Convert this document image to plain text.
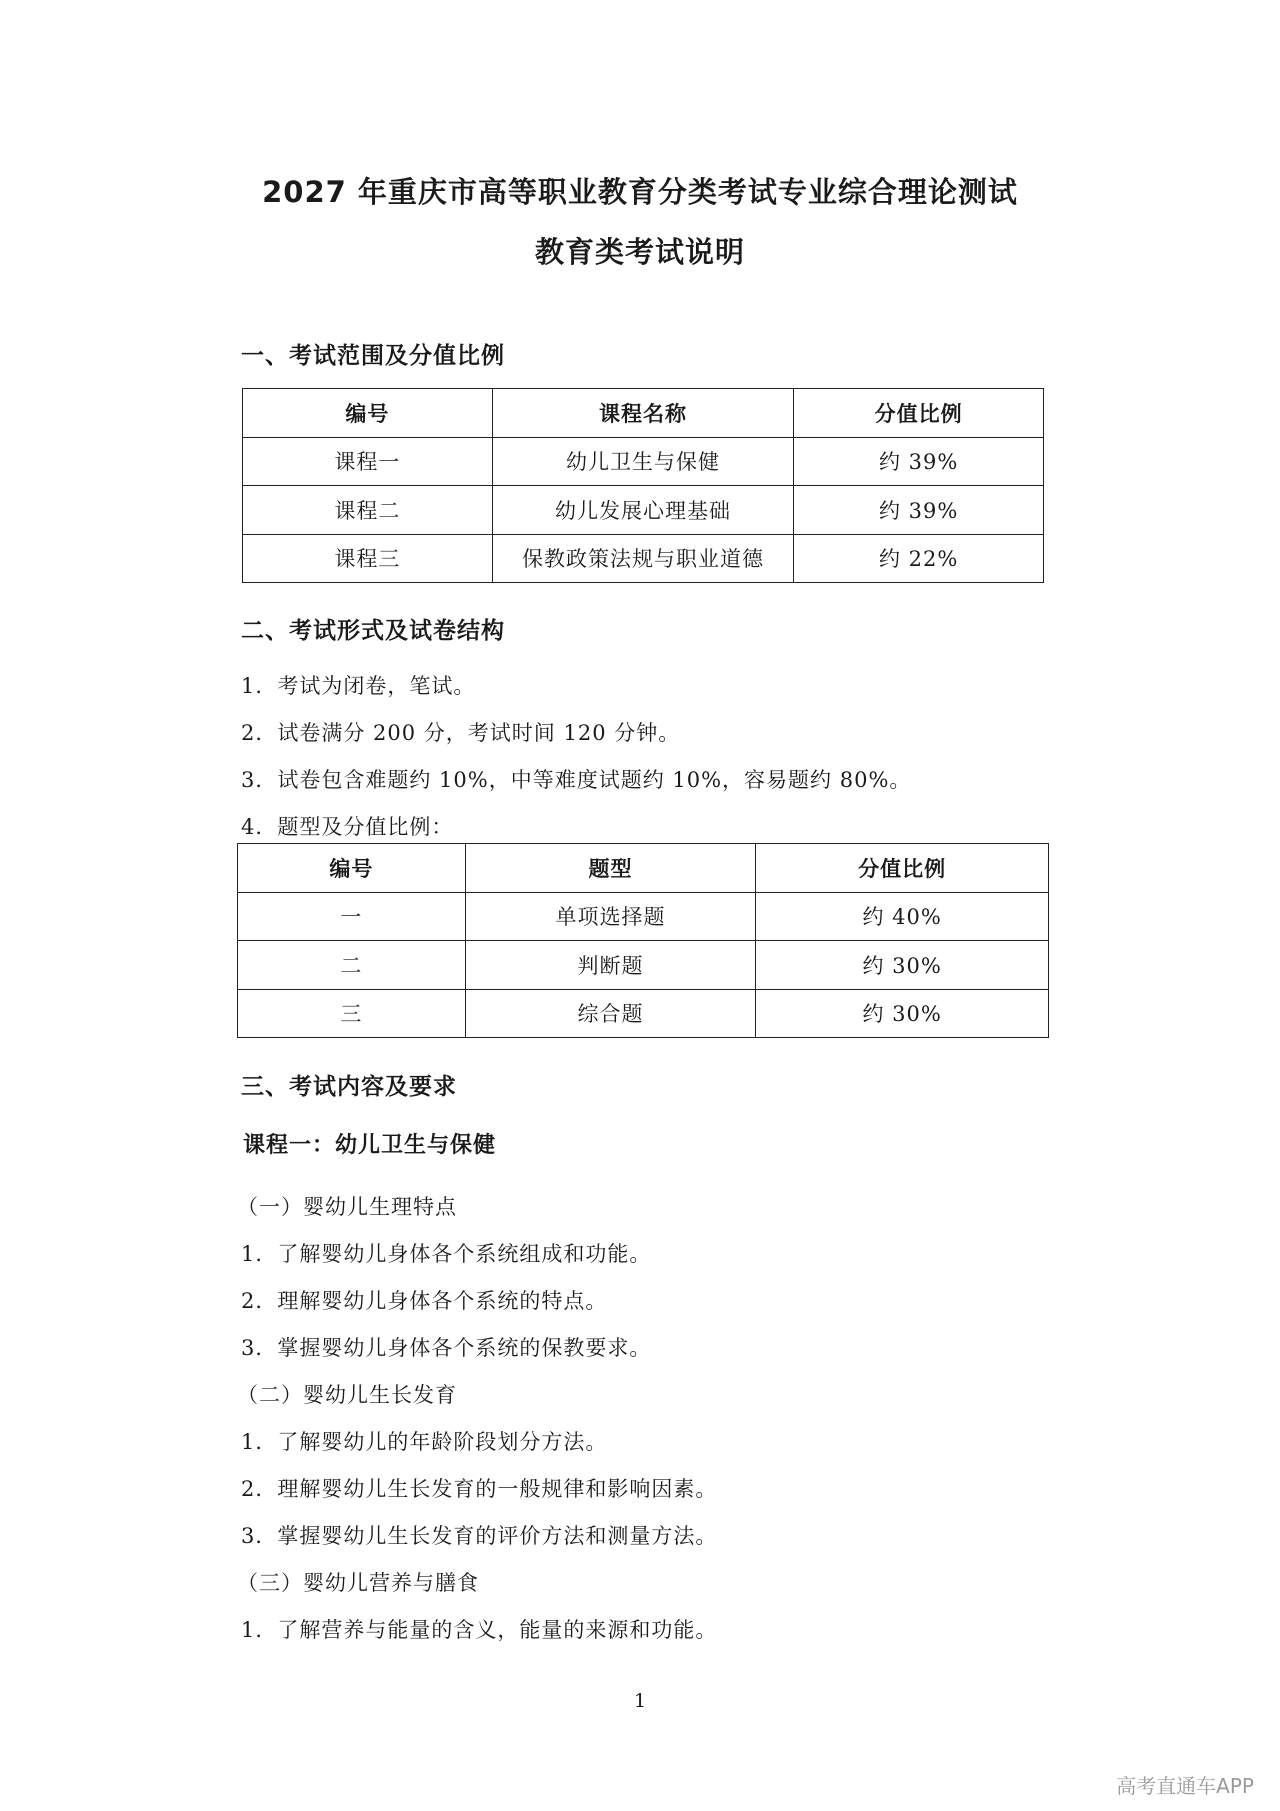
2027 年重庆市高等职业教育分类考试专业综合理论测试
教育类考试说明
一、考试范围及分值比例
编号	课程名称	分值比例
课程一	幼儿卫生与保健	约 39%
课程二	幼儿发展心理基础	约 39%
课程三	保教政策法规与职业道德	约 22%
二、考试形式及试卷结构
1．考试为闭卷，笔试。
2．试卷满分 200 分，考试时间 120 分钟。
3．试卷包含难题约 10%，中等难度试题约 10%，容易题约 80%。
4．题型及分值比例：
编号	题型	分值比例
一	单项选择题	约 40%
二	判断题	约 30%
三	综合题	约 30%
三、考试内容及要求
课程一：幼儿卫生与保健
（一）婴幼儿生理特点
1．了解婴幼儿身体各个系统组成和功能。
2．理解婴幼儿身体各个系统的特点。
3．掌握婴幼儿身体各个系统的保教要求。
（二）婴幼儿生长发育
1．了解婴幼儿的年龄阶段划分方法。
2．理解婴幼儿生长发育的一般规律和影响因素。
3．掌握婴幼儿生长发育的评价方法和测量方法。
（三）婴幼儿营养与膳食
1．了解营养与能量的含义，能量的来源和功能。
1
高考直通车APP
